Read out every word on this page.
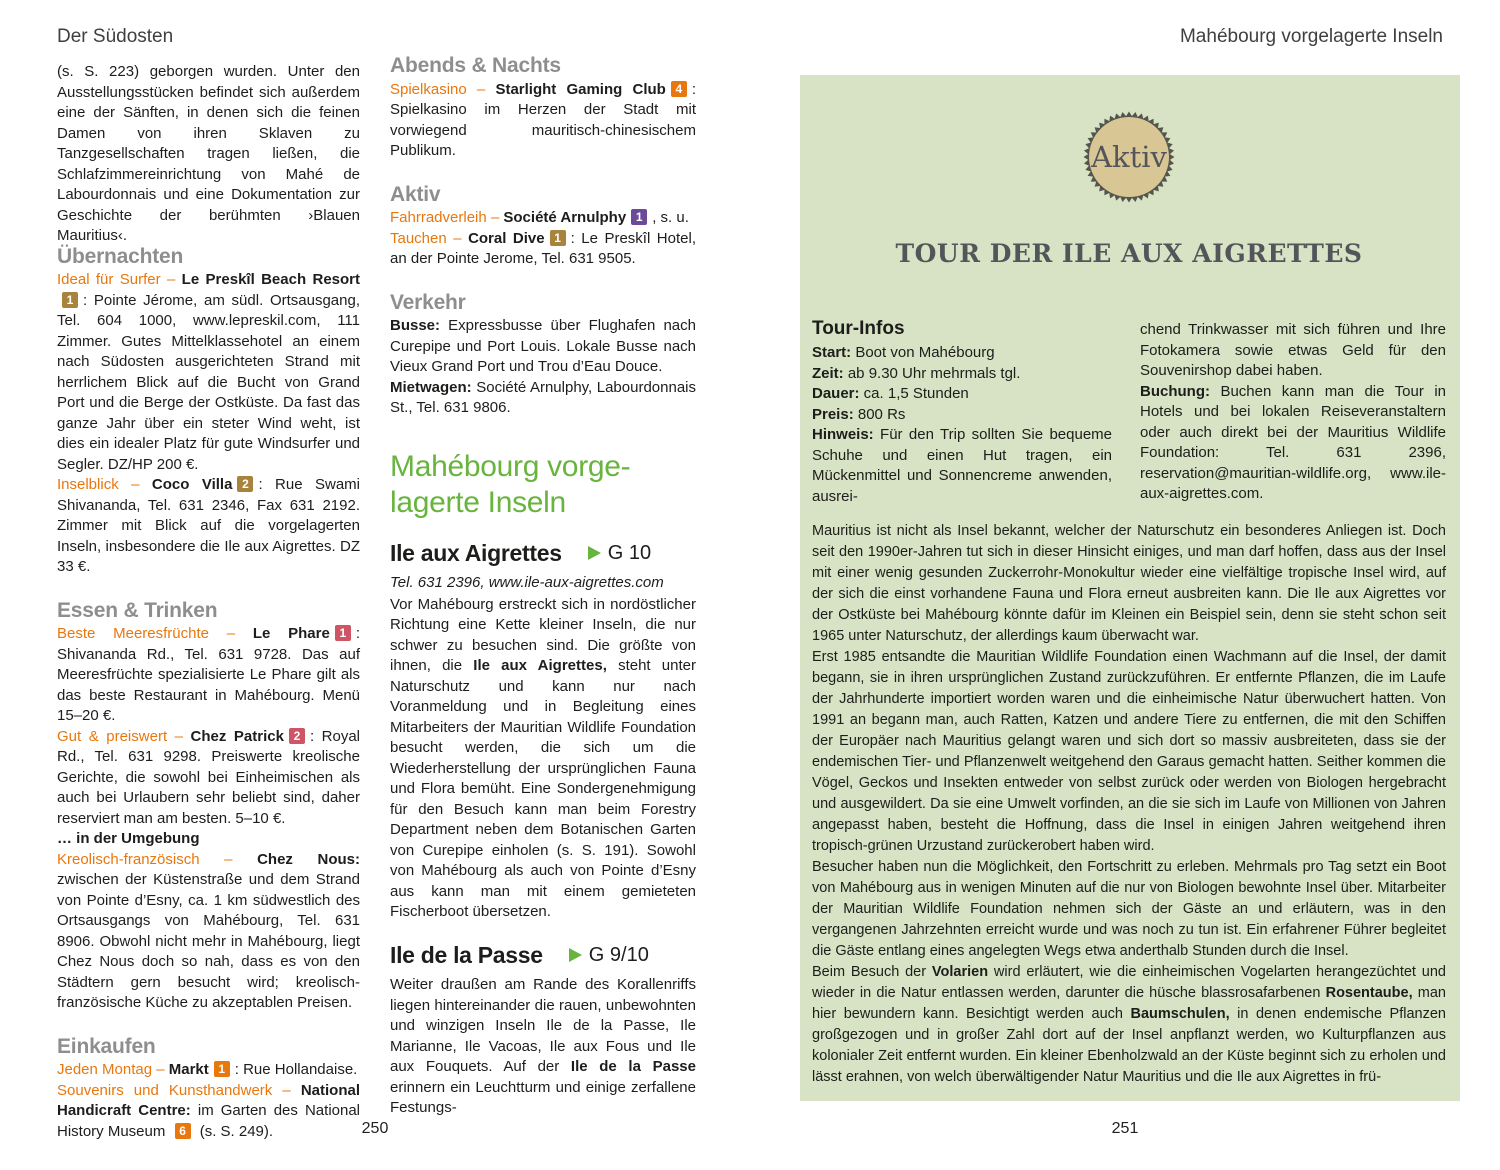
Der Südosten	Mahébourg vorgelagerte Inseln

(s. S. 223) geborgen wurden. Unter den Ausstellungsstücken befindet sich außerdem eine der Sänften, in denen sich die feinen Damen von ihren Sklaven zu Tanzgesellschaften tragen ließen, die Schlafzimmereinrichtung von Mahé de Labourdonnais und eine Dokumentation zur Geschichte der berühmten ›Blauen Mauritius‹.

Übernachten

Ideal für Surfer – Le Preskîl Beach Resort1 : Pointe Jérome, am südl. Ortsausgang, Tel. 604 1000, www.lepreskil.com, 111 Zimmer. Gutes Mittelklassehotel an einem nach Südosten ausgerichteten Strand mit herrlichem Blick auf die Bucht von Grand Port und die Berge der Ostküste. Da fast das ganze Jahr über ein steter Wind weht, ist dies ein idealer Platz für gute Windsurfer und Segler. DZ/HP 200 €.

Inselblick – Coco Villa 2 : Rue Swami Shivananda, Tel. 631 2346, Fax 631 2192. Zimmer mit Blick auf die vorgelagerten Inseln, insbesondere die Ile aux Aigrettes. DZ 33 €.

Essen & Trinken

Beste Meeresfrüchte – Le Phare 1 : Shivananda Rd., Tel. 631 9728. Das auf Meeresfrüchte spezialisierte Le Phare gilt als das beste Restaurant in Mahébourg. Menü 15–20 €.

Gut & preiswert – Chez Patrick 2 : Royal Rd., Tel. 631 9298. Preiswerte kreolische Gerichte, die sowohl bei Einheimischen als auch bei Urlaubern sehr beliebt sind, daher reserviert man am besten. 5–10 €.

… in der Umgebung

Kreolisch-französisch – Chez Nous: zwischen der Küstenstraße und dem Strand von Pointe d’Esny, ca. 1 km südwestlich des Ortsausgangs von Mahébourg, Tel. 631 8906. Obwohl nicht mehr in Mahébourg, liegt Chez Nous doch so nah, dass es von den Städtern gern besucht wird; kreolisch-französische Küche zu akzeptablen Preisen.

Einkaufen

Jeden Montag – Markt 1 : Rue Hollandaise.

Souvenirs und Kunsthandwerk – National Handicraft Centre: im Garten des National History Museum 6 (s. S. 249).

Abends & Nachts

Spielkasino – Starlight Gaming Club 4 : Spielkasino im Herzen der Stadt mit vorwiegend mauritisch-chinesischem Publikum.

Aktiv

Fahrradverleih – Société Arnulphy 1 , s. u.

Tauchen – Coral Dive 1 : Le Preskîl Hotel, an der Pointe Jerome, Tel. 631 9505.

Verkehr

Busse: Expressbusse über Flughafen nach Curepipe und Port Louis. Lokale Busse nach Vieux Grand Port und Trou d’Eau Douce.

Mietwagen: Société Arnulphy, Labourdonnais St., Tel. 631 9806.

Mahébourg vorge-
lagerte Inseln
Ile aux Aigrettes G 10

Tel. 631 2396, www.ile-aux-aigrettes.com

Vor Mahébourg erstreckt sich in nordöstlicher Richtung eine Kette kleiner Inseln, die nur schwer zu besuchen sind. Die größte von ihnen, die Ile aux Aigrettes, steht unter Naturschutz und kann nur nach Voranmeldung und in Begleitung eines Mitarbeiters der Mauritian Wildlife Foundation besucht werden, die sich um die Wiederherstellung der ursprünglichen Fauna und Flora bemüht. Eine Sondergenehmigung für den Besuch kann man beim Forestry Department neben dem Botanischen Garten von Curepipe einholen (s. S. 191). Sowohl von Mahébourg als auch von Pointe d’Esny aus kann man mit einem gemieteten Fischerboot übersetzen.

Ile de la Passe G 9/10

Weiter draußen am Rande des Korallenriffs liegen hintereinander die rauen, unbewohnten und winzigen Inseln Ile de la Passe, Ile Marianne, Ile Vacoas, Ile aux Fous und Ile aux Fouquets. Auf der Ile de la Passe erinnern ein Leuchtturm und einige zerfallene Festungs-

Aktiv
TOUR DER ILE AUX AIGRETTES

Tour-Infos

Start: Boot von Mahébourg

Zeit: ab 9.30 Uhr mehrmals tgl.

Dauer: ca. 1,5 Stunden

Preis: 800 Rs

Hinweis: Für den Trip sollten Sie bequeme Schuhe und einen Hut tragen, ein Mückenmittel und Sonnencreme anwenden, ausrei-

chend Trinkwasser mit sich führen und Ihre Fotokamera sowie etwas Geld für den Souvenirshop dabei haben.

Buchung: Buchen kann man die Tour in Hotels und bei lokalen Reiseveranstaltern oder auch direkt bei der Mauritius Wildlife Foundation: Tel. 631 2396, reservation@mauritian-wildlife.org, www.ile-aux-aigrettes.com.

Mauritius ist nicht als Insel bekannt, welcher der Naturschutz ein besonderes Anliegen ist. Doch seit den 1990er-Jahren tut sich in dieser Hinsicht einiges, und man darf hoffen, dass aus der Insel mit einer wenig gesunden Zuckerrohr-Monokultur wieder eine vielfältige tropische Insel wird, auf der sich die einst vorhandene Fauna und Flora erneut ausbreiten kann. Die Ile aux Aigrettes vor der Ostküste bei Mahébourg könnte dafür im Kleinen ein Beispiel sein, denn sie steht schon seit 1965 unter Naturschutz, der allerdings kaum überwacht war.

Erst 1985 entsandte die Mauritian Wildlife Foundation einen Wachmann auf die Insel, der damit begann, sie in ihren ursprünglichen Zustand zurückzuführen. Er entfernte Pflanzen, die im Laufe der Jahrhunderte importiert worden waren und die einheimische Natur überwuchert hatten. Von 1991 an begann man, auch Ratten, Katzen und andere Tiere zu entfernen, die mit den Schiffen der Europäer nach Mauritius gelangt waren und sich dort so massiv ausbreiteten, dass sie der endemischen Tier- und Pflanzenwelt weitgehend den Garaus gemacht hatten. Seither kommen die Vögel, Geckos und Insekten entweder von selbst zurück oder werden von Biologen hergebracht und ausgewildert. Da sie eine Umwelt vorfinden, an die sie sich im Laufe von Millionen von Jahren angepasst haben, besteht die Hoffnung, dass die Insel in einigen Jahren weitgehend ihren tropisch-grünen Urzustand zurückerobert haben wird.

Besucher haben nun die Möglichkeit, den Fortschritt zu erleben. Mehrmals pro Tag setzt ein Boot von Mahébourg aus in wenigen Minuten auf die nur von Biologen bewohnte Insel über. Mitarbeiter der Mauritian Wildlife Foundation nehmen sich der Gäste an und erläutern, was in den vergangenen Jahrzehnten erreicht wurde und was noch zu tun ist. Ein erfahrener Führer begleitet die Gäste entlang eines angelegten Wegs etwa anderthalb Stunden durch die Insel.

Beim Besuch der Volarien wird erläutert, wie die einheimischen Vogelarten herangezüchtet und wieder in die Natur entlassen werden, darunter die hüsche blassrosafarbenen Rosentaube, man hier bewundern kann. Besichtigt werden auch Baumschulen, in denen endemische Pflanzen großgezogen und in großer Zahl dort auf der Insel anpflanzt werden, wo Kulturpflanzen aus kolonialer Zeit entfernt wurden. Ein kleiner Ebenholzwald an der Küste beginnt sich zu erholen und lässt erahnen, von welch überwältigender Natur Mauritius und die Ile aux Aigrettes in frü-

250	251
